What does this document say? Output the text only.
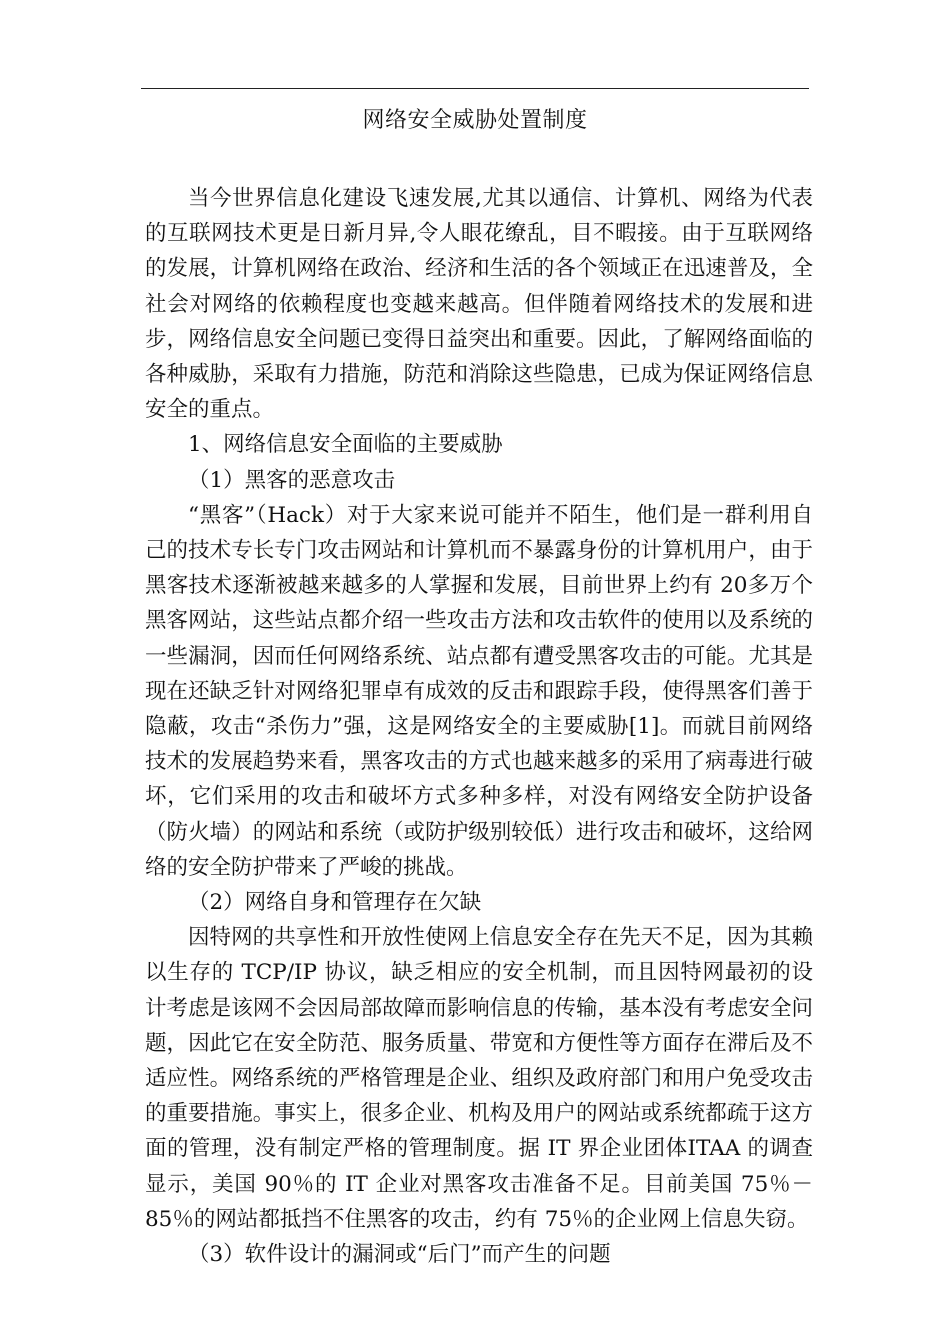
网络安全威胁处置制度

当今世界信息化建设飞速发展,尤其以通信、计算机、网络为代表的互联网技术更是日新月异,令人眼花缭乱，目不暇接。由于互联网络的发展，计算机网络在政治、经济和生活的各个领域正在迅速普及，全社会对网络的依赖程度也变越来越高。但伴随着网络技术的发展和进步，网络信息安全问题已变得日益突出和重要。因此，了解网络面临的各种威胁，采取有力措施，防范和消除这些隐患，已成为保证网络信息安全的重点。

1、网络信息安全面临的主要威胁

（1）黑客的恶意攻击

“黑客”（Hack）对于大家来说可能并不陌生，他们是一群利用自己的技术专长专门攻击网站和计算机而不暴露身份的计算机用户，由于黑客技术逐渐被越来越多的人掌握和发展，目前世界上约有 20多万个黑客网站，这些站点都介绍一些攻击方法和攻击软件的使用以及系统的一些漏洞，因而任何网络系统、站点都有遭受黑客攻击的可能。尤其是现在还缺乏针对网络犯罪卓有成效的反击和跟踪手段，使得黑客们善于隐蔽，攻击“杀伤力”强，这是网络安全的主要威胁[1]。而就目前网络技术的发展趋势来看，黑客攻击的方式也越来越多的采用了病毒进行破坏，它们采用的攻击和破坏方式多种多样，对没有网络安全防护设备（防火墙）的网站和系统（或防护级别较低）进行攻击和破坏，这给网络的安全防护带来了严峻的挑战。

（2）网络自身和管理存在欠缺

因特网的共享性和开放性使网上信息安全存在先天不足，因为其赖以生存的 TCP/IP 协议，缺乏相应的安全机制，而且因特网最初的设计考虑是该网不会因局部故障而影响信息的传输，基本没有考虑安全问题，因此它在安全防范、服务质量、带宽和方便性等方面存在滞后及不适应性。网络系统的严格管理是企业、组织及政府部门和用户免受攻击的重要措施。事实上，很多企业、机构及用户的网站或系统都疏于这方面的管理，没有制定严格的管理制度。据 IT 界企业团体ITAA 的调查显示，美国 90％的 IT 企业对黑客攻击准备不足。目前美国 75％－85％的网站都抵挡不住黑客的攻击，约有 75％的企业网上信息失窃。

（3）软件设计的漏洞或“后门”而产生的问题
